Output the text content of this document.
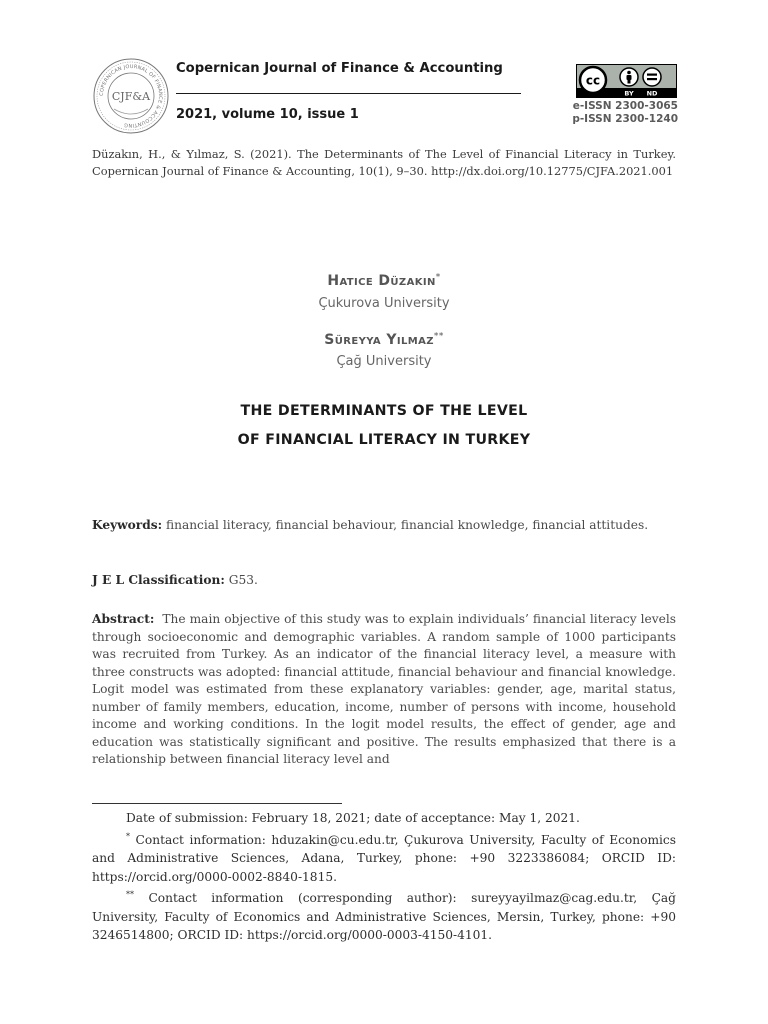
COPERNICAN JOURNAL OF FINANCE & ACCOUNTING
CJF&A
Copernican Journal of Finance & Accounting
2021, volume 10, issue 1
cc
BY ND
e-ISSN 2300-3065
p-ISSN 2300-1240
Düzakın, H., & Yılmaz, S. (2021). The Determinants of The Level of Financial Literacy in Turkey. Copernican Journal of Finance & Accounting, 10(1), 9–30. http://dx.doi.org/10.12775/CJFA.2021.001
Hatice Düzakın*
Çukurova University
Süreyya Yılmaz**
Çağ University
THE DETERMINANTS OF THE LEVEL
OF FINANCIAL LITERACY IN TURKEY
Keywords: financial literacy, financial behaviour, financial knowledge, financial attitudes.
J E L Classification: G53.
Abstract:  The main objective of this study was to explain individuals’ financial literacy levels through socioeconomic and demographic variables. A random sample of 1000 participants was recruited from Turkey. As an indicator of the financial literacy level, a measure with three constructs was adopted: financial attitude, financial behaviour and financial knowledge. Logit model was estimated from these explanatory variables: gender, age, marital status, number of family members, education, income, number of persons with income, household income and working conditions. In the logit model results, the effect of gender, age and education was statistically significant and positive. The results emphasized that there is a relationship between financial literacy level and

Date of submission: February 18, 2021; date of acceptance: May 1, 2021.

* Contact information: hduzakin@cu.edu.tr, Çukurova University, Faculty of Economics and Administrative Sciences, Adana, Turkey, phone: +90 3223386084; ORCID ID: https://orcid.org/0000-0002-8840-1815.

** Contact information (corresponding author): sureyyayilmaz@cag.edu.tr, Çağ University, Faculty of Economics and Administrative Sciences, Mersin, Turkey, phone: +90 3246514800; ORCID ID: https://orcid.org/0000-0003-4150-4101.
